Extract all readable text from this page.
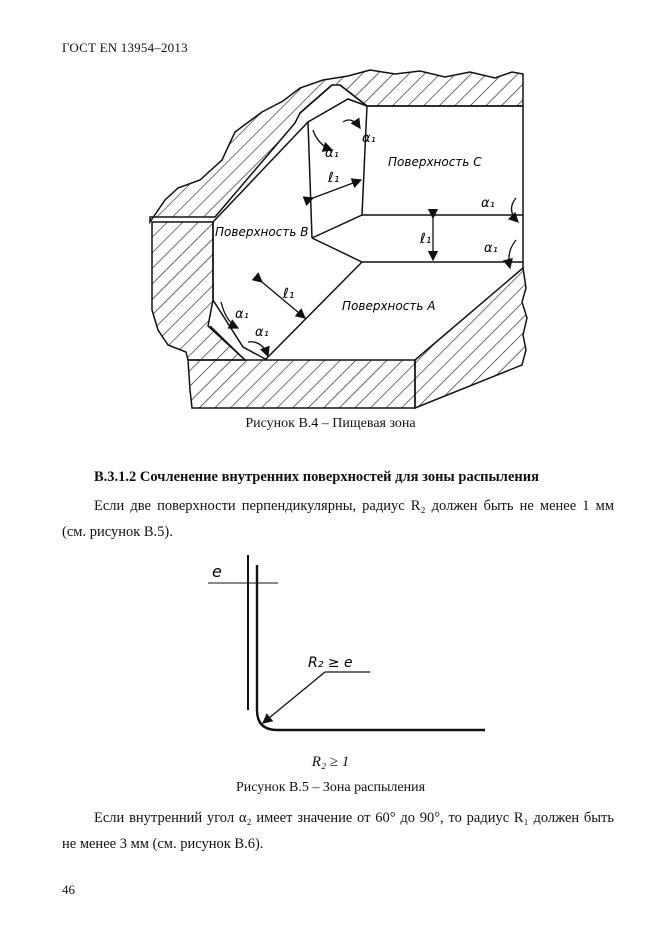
ГОСТ EN 13954–2013
Поверхность С
Поверхность В
Поверхность А
α₁
α₁
α₁
α₁
α₁
α₁
ℓ₁
ℓ₁
ℓ₁
Рисунок В.4 – Пищевая зона
В.3.1.2 Сочленение внутренних поверхностей для зоны распыления
Если две поверхности перпендикулярны, радиус R₂ должен быть не менее 1 мм (см. рисунок В.5).
е
R₂ ≥ е
R₂ ≥ 1
Рисунок В.5 – Зона распыления
Если внутренний угол α₂ имеет значение от 60° до 90°, то радиус R₁ должен быть не менее 3 мм (см. рисунок В.6).
46
